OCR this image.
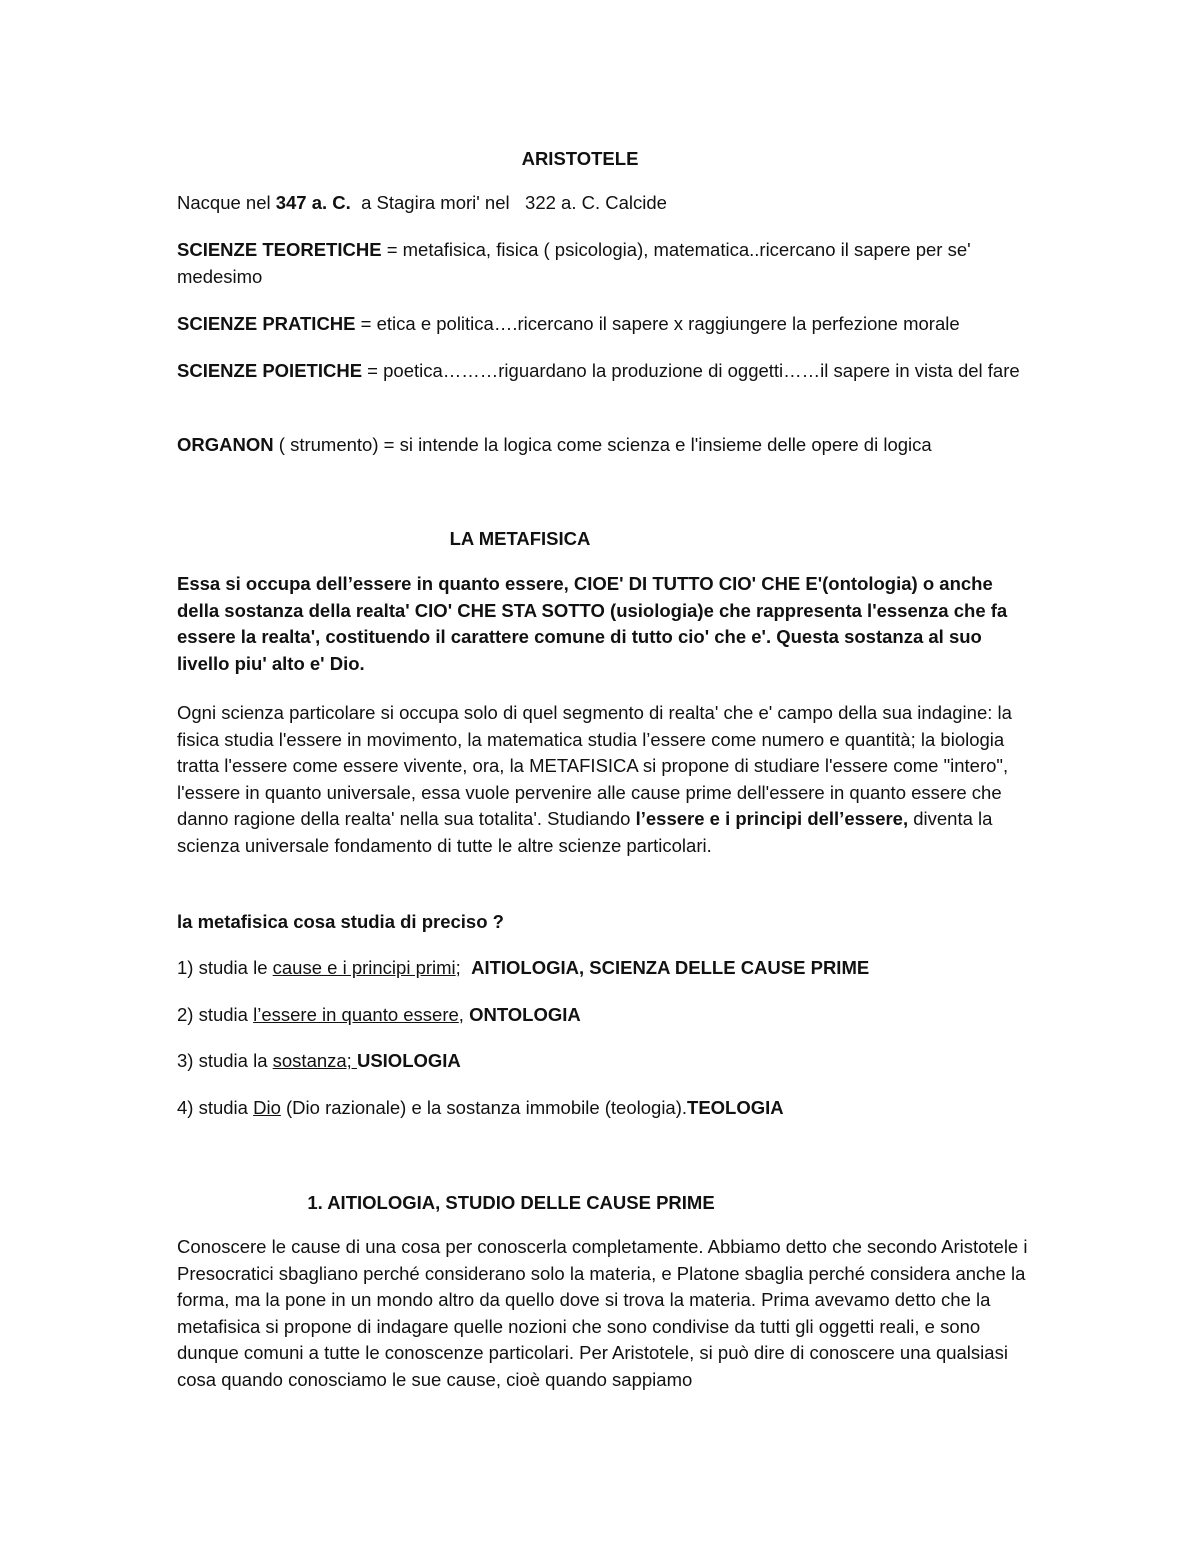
ARISTOTELE
Nacque nel 347 a. C.  a Stagira mori' nel   322 a. C. Calcide
SCIENZE TEORETICHE = metafisica, fisica ( psicologia), matematica..ricercano il sapere per se' medesimo
SCIENZE PRATICHE = etica e politica….ricercano il sapere x raggiungere la perfezione morale
SCIENZE POIETICHE = poetica………riguardano la produzione di oggetti……il sapere in vista del fare
ORGANON ( strumento) = si intende la logica come scienza e l'insieme delle opere di logica
LA METAFISICA
Essa si occupa dell’essere in quanto essere, CIOE' DI TUTTO CIO' CHE E'(ontologia) o anche della sostanza della realta' CIO' CHE STA SOTTO (usiologia)e che rappresenta l'essenza che fa essere la realta', costituendo il carattere comune di tutto cio' che e'. Questa sostanza al suo livello piu' alto e' Dio.
Ogni scienza particolare si occupa solo di quel segmento di realta' che e' campo della sua indagine: la fisica studia l'essere in movimento, la matematica studia l’essere come numero e quantità; la biologia tratta l'essere come essere vivente, ora, la METAFISICA si propone di studiare l'essere come "intero", l'essere in quanto universale, essa vuole pervenire alle cause prime dell'essere in quanto essere che danno ragione della realta' nella sua totalita'. Studiando l’essere e i principi dell’essere, diventa la scienza universale fondamento di tutte le altre scienze particolari.
la metafisica cosa studia di preciso ?
1) studia le cause e i principi primi;  AITIOLOGIA, SCIENZA DELLE CAUSE PRIME
2) studia l’essere in quanto essere, ONTOLOGIA
3) studia la sostanza; USIOLOGIA
4) studia Dio (Dio razionale) e la sostanza immobile (teologia).TEOLOGIA
1. AITIOLOGIA, STUDIO DELLE CAUSE PRIME
Conoscere le cause di una cosa per conoscerla completamente. Abbiamo detto che secondo Aristotele i Presocratici sbagliano perché considerano solo la materia, e Platone sbaglia perché considera anche la forma, ma la pone in un mondo altro da quello dove si trova la materia. Prima avevamo detto che la metafisica si propone di indagare quelle nozioni che sono condivise da tutti gli oggetti reali, e sono dunque comuni a tutte le conoscenze particolari. Per Aristotele, si può dire di conoscere una qualsiasi cosa quando conosciamo le sue cause, cioè quando sappiamo
